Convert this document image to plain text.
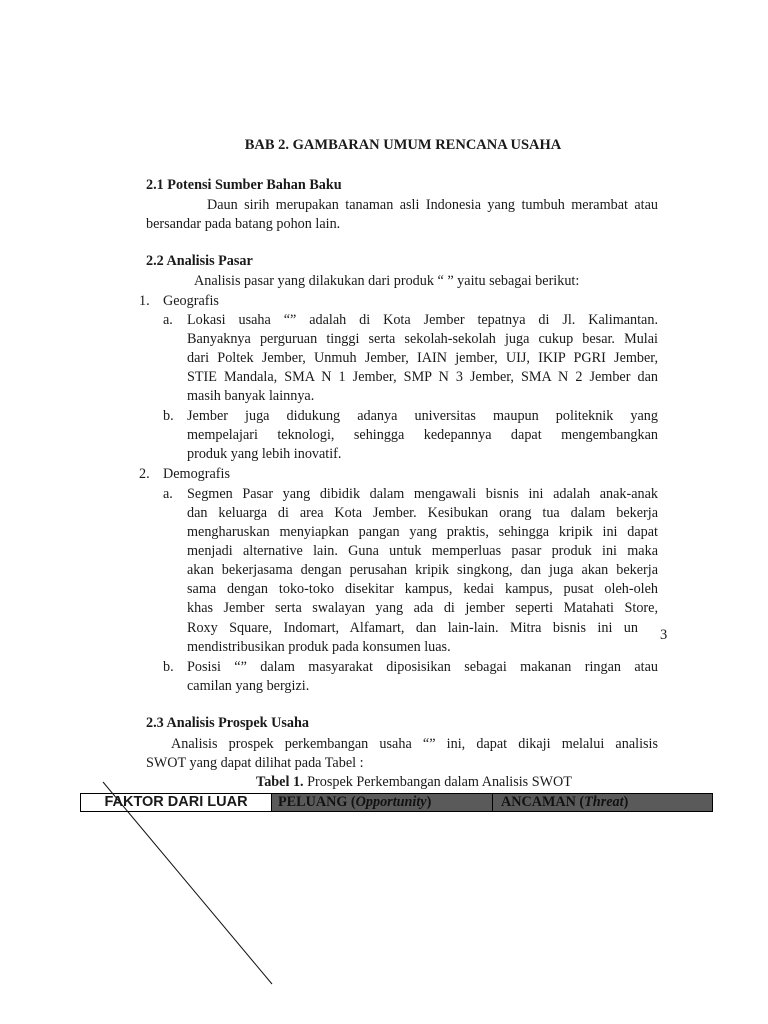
BAB 2. GAMBARAN UMUM RENCANA USAHA
2.1 Potensi Sumber Bahan Baku
Daun sirih merupakan tanaman asli Indonesia yang tumbuh merambat atau
bersandar pada batang pohon lain.
2.2 Analisis Pasar
Analisis pasar yang dilakukan dari produk “ ” yaitu sebagai berikut:
1. Geografis
a. Lokasi usaha “” adalah di Kota Jember tepatnya di Jl. Kalimantan.
Banyaknya perguruan tinggi serta sekolah-sekolah juga cukup besar. Mulai
dari Poltek Jember, Unmuh Jember, IAIN jember, UIJ, IKIP PGRI Jember,
STIE Mandala, SMA N 1 Jember, SMP N 3 Jember, SMA N 2 Jember dan
masih banyak lainnya.
b. Jember juga didukung adanya universitas maupun politeknik yang
mempelajari teknologi, sehingga kedepannya dapat mengembangkan
produk yang lebih inovatif.
2. Demografis
a. Segmen Pasar yang dibidik dalam mengawali bisnis ini adalah anak-anak
dan keluarga di area Kota Jember. Kesibukan orang tua dalam bekerja
mengharuskan menyiapkan pangan yang praktis, sehingga kripik ini dapat
menjadi alternative lain. Guna untuk memperluas pasar produk ini maka
akan bekerjasama dengan perusahan kripik singkong, dan juga akan bekerja
sama dengan toko-toko disekitar kampus, kedai kampus, pusat oleh-oleh
khas Jember serta swalayan yang ada di jember seperti Matahati Store,
Roxy Square, Indomart, Alfamart, dan lain-lain. Mitra bisnis ini un
mendistribusikan produk pada konsumen luas.
3
b. Posisi “” dalam masyarakat diposisikan sebagai makanan ringan atau
camilan yang bergizi.
2.3 Analisis Prospek Usaha
Analisis prospek perkembangan usaha “” ini, dapat dikaji melalui analisis
SWOT yang dapat dilihat pada Tabel :
Tabel 1. Prospek Perkembangan dalam Analisis SWOT
FAKTOR DARI LUAR	PELUANG (Opportunity)	ANCAMAN (Threat)
